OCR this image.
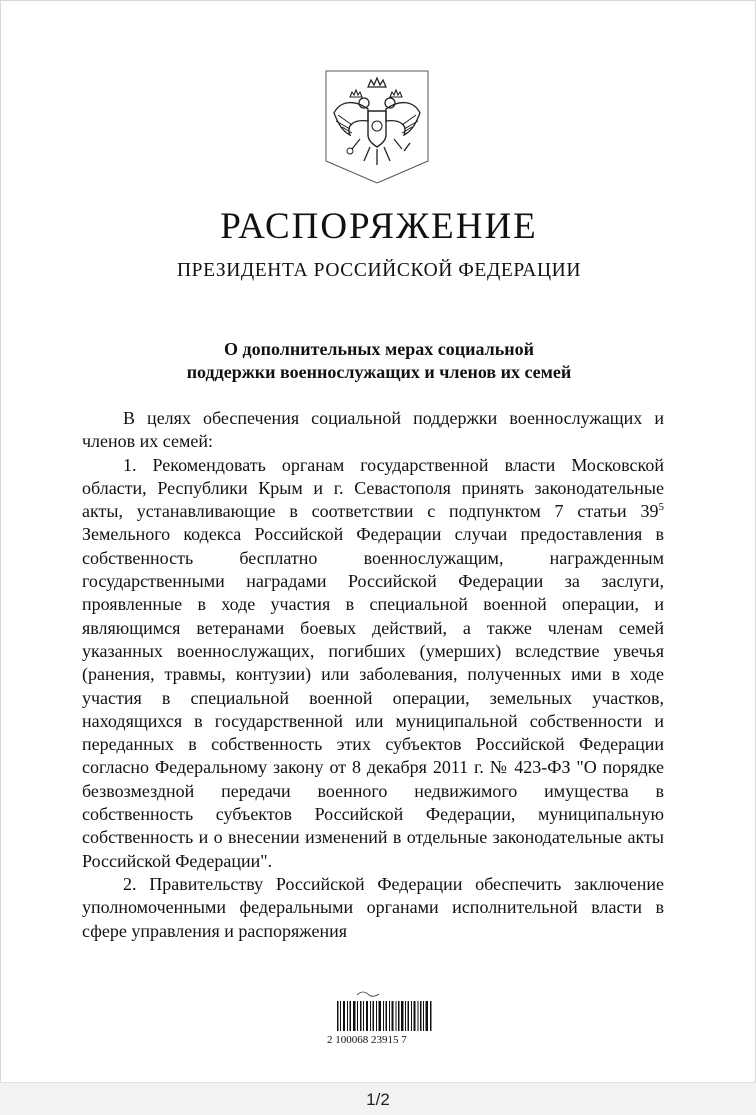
РАСПОРЯЖЕНИЕ
ПРЕЗИДЕНТА РОССИЙСКОЙ ФЕДЕРАЦИИ
О дополнительных мерах социальной
поддержки военнослужащих и членов их семей

В целях обеспечения социальной поддержки военнослужащих и членов их семей:

1. Рекомендовать органам государственной власти Московской области, Республики Крым и г. Севастополя принять законодательные акты, устанавливающие в соответствии с подпунктом 7 статьи $39^5$ Земельного кодекса Российской Федерации случаи предоставления в собственность бесплатно военнослужащим, награжденным государственными наградами Российской Федерации за заслуги, проявленные в ходе участия в специальной военной операции, и являющимся ветеранами боевых действий, а также членам семей указанных военнослужащих, погибших (умерших) вследствие увечья (ранения, травмы, контузии) или заболевания, полученных ими в ходе участия в специальной военной операции, земельных участков, находящихся в государственной или муниципальной собственности и переданных в собственность этих субъектов Российской Федерации согласно Федеральному закону от 8 декабря 2011 г. № 423-ФЗ "О порядке безвозмездной передачи военного недвижимого имущества в собственность субъектов Российской Федерации, муниципальную собственность и о внесении изменений в отдельные законодательные акты Российской Федерации".

2. Правительству Российской Федерации обеспечить заключение уполномоченными федеральными органами исполнительной власти в сфере управления и распоряжения

2 100068 23915 7
1/2
